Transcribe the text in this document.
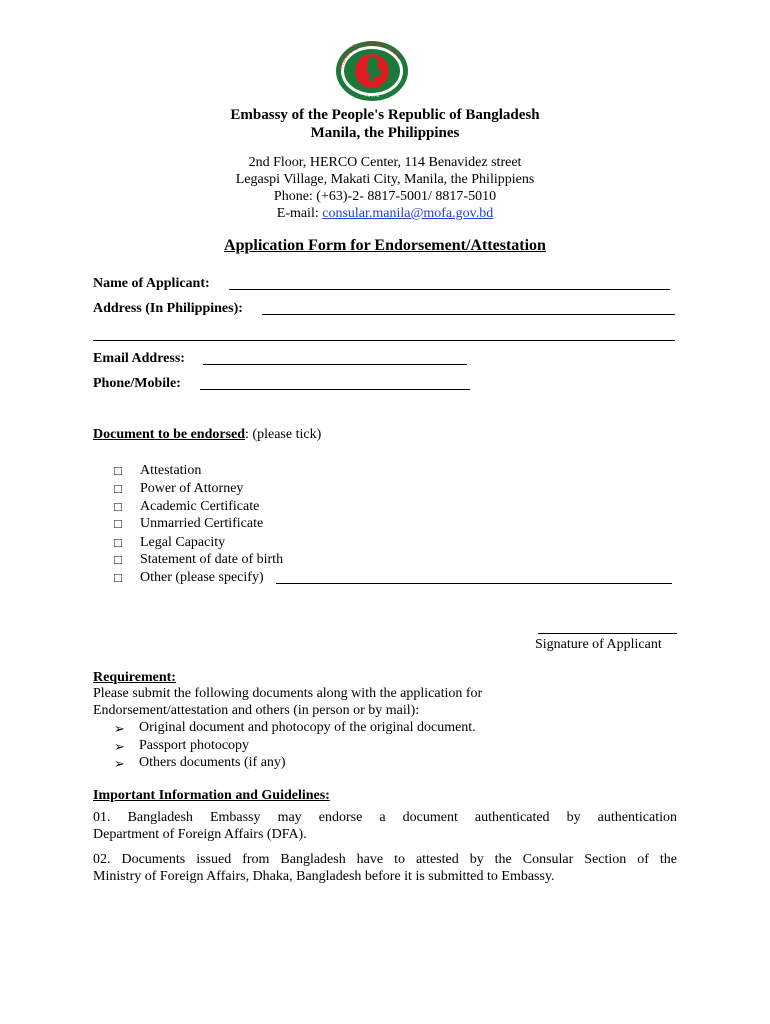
গণপ্রজাতন্ত্রী বাংলাদেশ সরকার
সরকারি
Embassy of the People's Republic of Bangladesh
Manila, the Philippines
2nd Floor, HERCO Center, 114 Benavidez street
Legaspi Village, Makati City, Manila, the Philippiens
Phone: (+63)-2- 8817-5001/ 8817-5010
E-mail: consular.manila@mofa.gov.bd
Application Form for Endorsement/Attestation
Name of Applicant:
Address (In Philippines):
Email Address:
Phone/Mobile:
Document to be endorsed: (please tick)
□ Attestation
□ Power of Attorney
□ Academic Certificate
□ Unmarried Certificate
□ Legal Capacity
□ Statement of date of birth
□ Other (please specify)
Signature of Applicant
Requirement:
Please submit the following documents along with the application for
Endorsement/attestation and others (in person or by mail):
➢ Original document and photocopy of the original document.
➢ Passport photocopy
➢ Others documents (if any)
Important Information and Guidelines:
01. Bangladesh Embassy may endorse a document authenticated by authentication
Department of Foreign Affairs (DFA).
02. Documents issued from Bangladesh have to attested by the Consular Section of the
Ministry of Foreign Affairs, Dhaka, Bangladesh before it is submitted to Embassy.
